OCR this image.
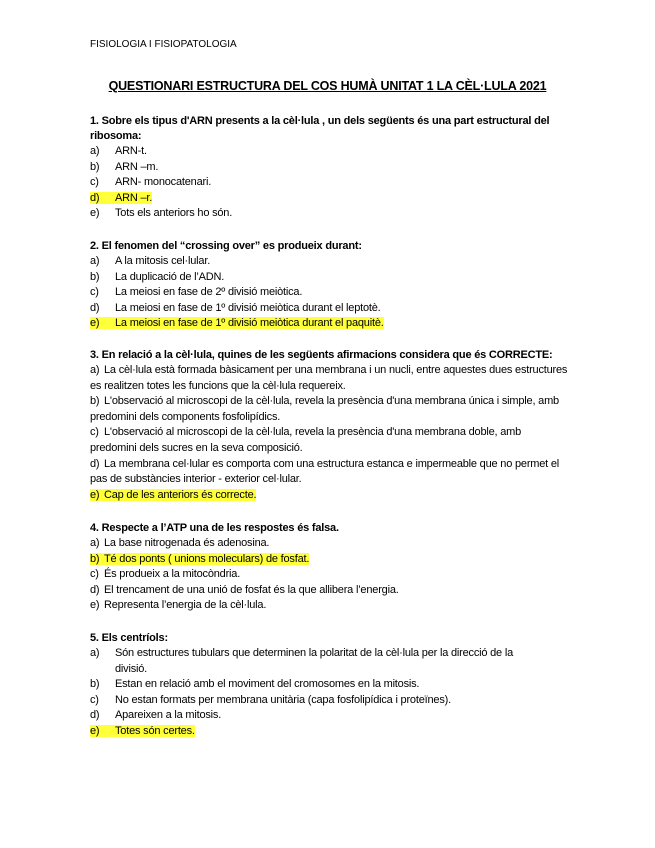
FISIOLOGIA I FISIOPATOLOGIA
QUESTIONARI ESTRUCTURA DEL COS HUMÀ UNITAT 1 LA CÈL·LULA 2021
1. Sobre els tipus d'ARN presents a la cèl·lula , un dels següents és una part estructural del ribosoma:
a) ARN-t.
b) ARN –m.
c) ARN- monocatenari.
d) ARN –r.
e) Tots els anteriors ho són.
2. El fenomen del “crossing over” es produeix durant:
a) A la mitosis cel·lular.
b) La duplicació de l’ADN.
c) La meiosi en fase de 2º divisió meiòtica.
d) La meiosi en fase de 1º divisió meiòtica durant el leptotè.
e) La meiosi en fase de 1º divisió meiòtica durant el paquitè.
3. En relació a la cèl·lula, quines de les següents afirmacions considera que és CORRECTE:
a) La cèl·lula està formada bàsicament per una membrana i un nucli, entre aquestes dues estructures es realitzen totes les funcions que la cèl·lula requereix.
b) L'observació al microscopi de la cèl·lula, revela la presència d'una membrana única i simple, amb predomini dels components fosfolipídics.
c) L'observació al microscopi de la cèl·lula, revela la presència d'una membrana doble, amb predomini dels sucres en la seva composició.
d) La membrana cel·lular es comporta com una estructura estanca e impermeable que no permet el pas de substàncies interior - exterior cel·lular.
e) Cap de les anteriors és correcte.
4. Respecte a l’ATP una de les respostes és falsa.
a) La base nitrogenada és adenosina.
b) Té dos ponts ( unions moleculars) de fosfat.
c) És produeix a la mitocòndria.
d) El trencament de una unió de fosfat és la que allibera l’energia.
e) Representa l’energia de la cèl·lula.
5. Els centríols:
a)	Són estructures tubulars que determinen la polaritat de la cèl·lula per la direcció de la divisió.
b) Estan en relació amb el moviment del cromosomes en la mitosis.
c) No estan formats per membrana unitària (capa fosfolipídica i proteïnes).
d) Apareixen a la mitosis.
e) Totes són certes.
